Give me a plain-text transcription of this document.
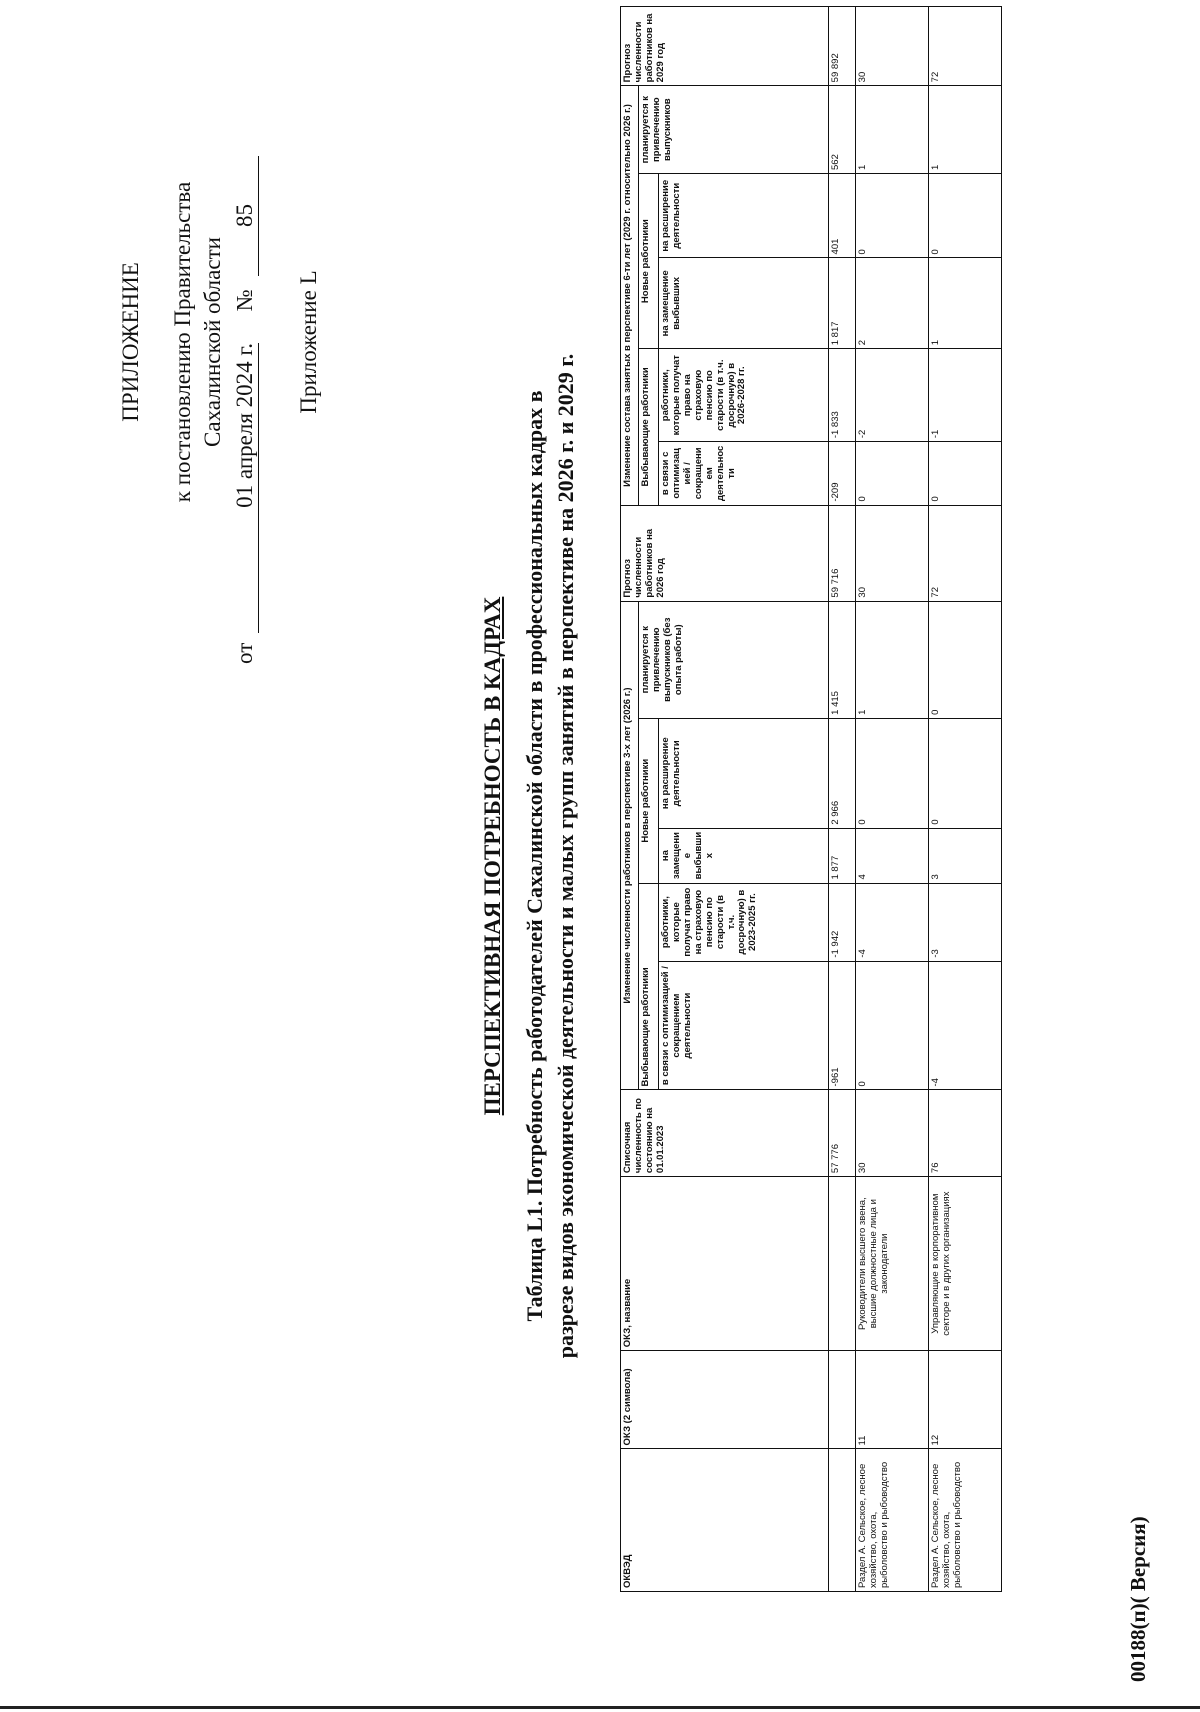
ПРИЛОЖЕНИЕ к постановлению Правительства Сахалинской области
от 01 апреля 2024 г. № 85
Приложение L
ПЕРСПЕКТИВНАЯ ПОТРЕБНОСТЬ В КАДРАХ Таблица L1. Потребность работодателей Сахалинской области в профессиональных кадрах в разрезе видов экономической деятельности и малых групп занятий в перспективе на 2026 г. и 2029 г.
ОКВЭД	ОКЗ (2 символа)	ОКЗ, название	Списочная численность по состоянию на 01.01.2023	Изменение численности работников в перспективе 3-х лет (2026 г.)					Прогноз численности работников на 2026 год	Изменение состава занятых в перспективе 6-ти лет (2029 г. относительно 2026 г.)					Прогноз численности работников на 2029 год
				Выбывающие работники		Новые работники		планируется к привлечению выпускников (без опыта работы)		Выбывающие работники		Новые работники		планируется к привлечению выпускников	
				в связи с оптимизацией / сокращением деятельности	работники, которые получат право на страховую пенсию по старости (в т.ч. досрочную) в 2023-2025 гг.	на замещение выбывших	на расширение деятельности			в связи с оптимизацией / сокращением деятельности	работники, которые получат право на страховую пенсию по старости (в т.ч. досрочную) в 2026-2028 гг.	на замещение выбывших	на расширение деятельности		
			57 776	-961	-1 942	1 877	2 966	1 415	59 716	-209	-1 833	1 817	401	562	59 892
Раздел А. Сельское, лесное хозяйство, охота, рыболовство и рыбоводство	11	Руководители высшего звена, высшие должностные лица и законодатели	30	0	-4	4	0	1	30	0	-2	2	0	1	30
Раздел А. Сельское, лесное хозяйство, охота, рыболовство и рыбоводство	12	Управляющие в корпоративном секторе и в других организациях	76	-4	-3	3	0	0	72	0	-1	1	0	1	72
00188(п)( Версия)
